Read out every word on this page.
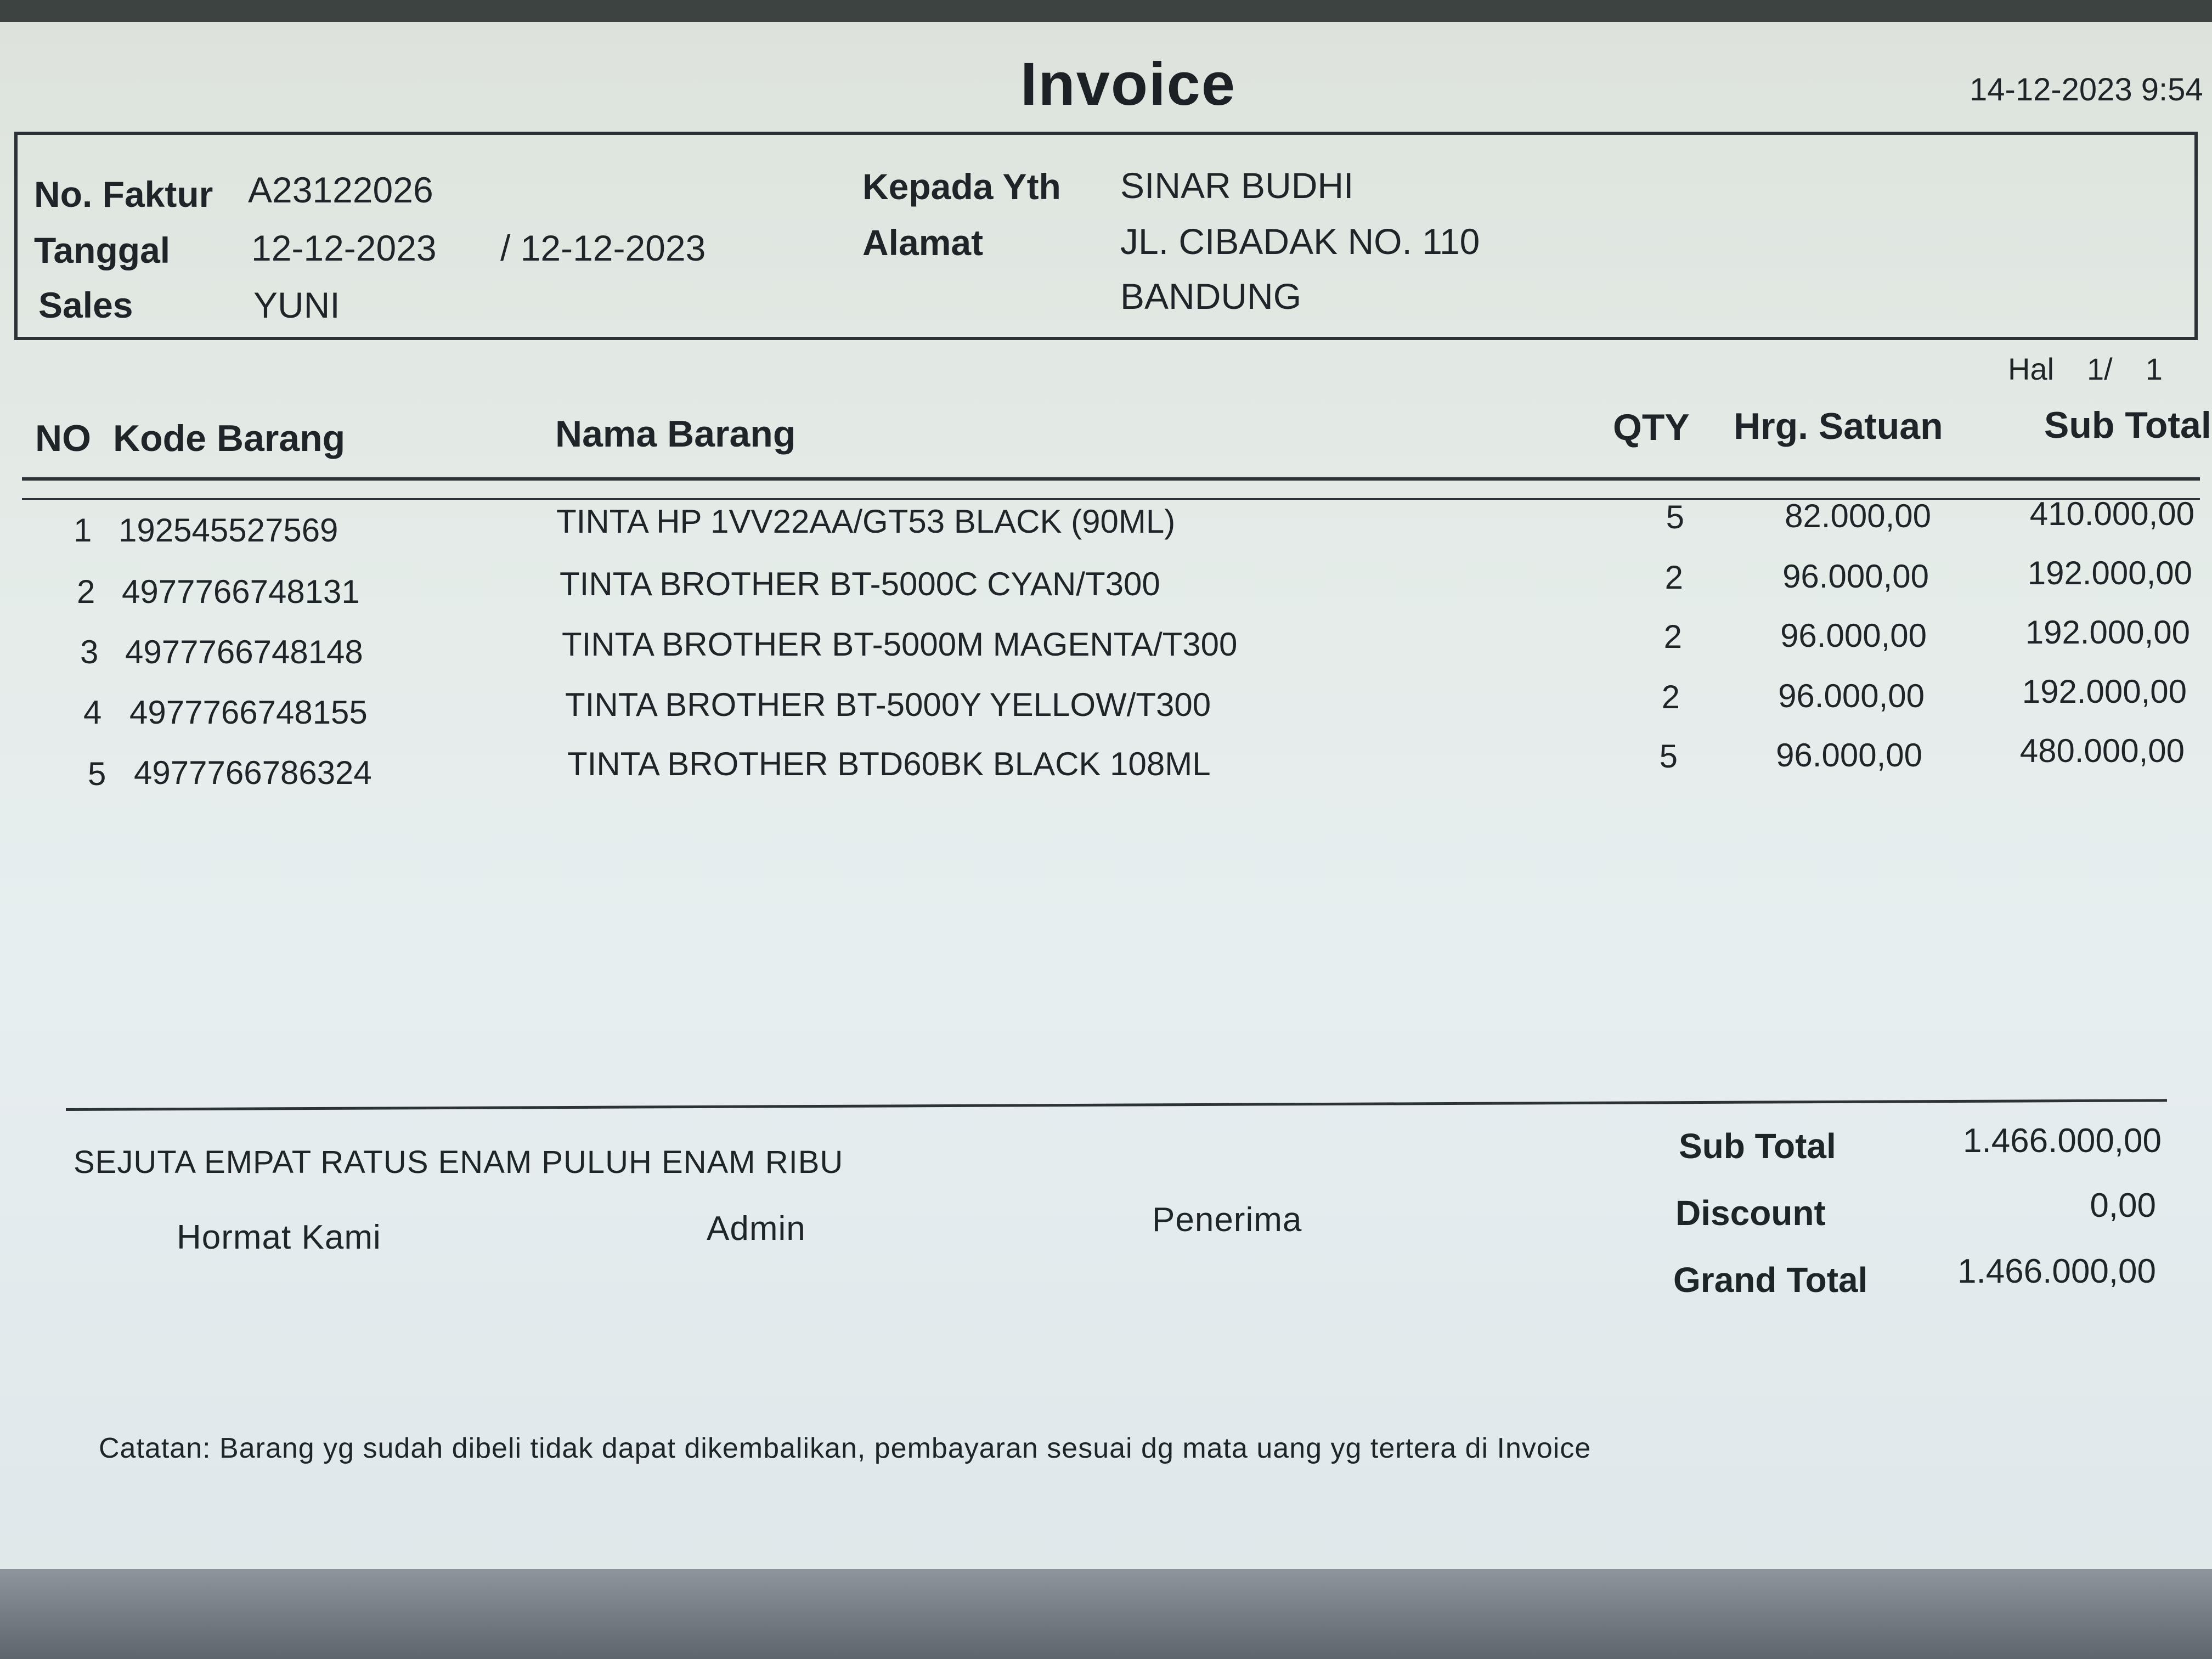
Invoice	14-12-2023 9:54
No. Faktur A23122026
Tanggal 12-12-2023 / 12-12-2023
Sales	YUNI
Kepada Yth SINAR BUDHI
Alamat	JL. CIBADAK NO. 110
BANDUNG
Hal 1/ 1
NO Kode Barang	Nama Barang	QTY Hrg. Satuan	Sub Total
1 192545527569	TINTA HP 1VV22AA/GT53 BLACK (90ML)	5	82.000,00	410.000,00
2 4977766748131	TINTA BROTHER BT-5000C CYAN/T300	2	96.000,00	192.000,00
3 4977766748148	TINTA BROTHER BT-5000M MAGENTA/T300	2	96.000,00	192.000,00
4 4977766748155	TINTA BROTHER BT-5000Y YELLOW/T300	2	96.000,00	192.000,00
5 4977766786324	TINTA BROTHER BTD60BK BLACK 108ML	5	96.000,00	480.000,00
SEJUTA EMPAT RATUS ENAM PULUH ENAM RIBU
Hormat Kami	Admin	Penerima
Sub Total	1.466.000,00
Discount	0,00
Grand Total	1.466.000,00
Catatan: Barang yg sudah dibeli tidak dapat dikembalikan, pembayaran sesuai dg mata uang yg tertera di Invoice
